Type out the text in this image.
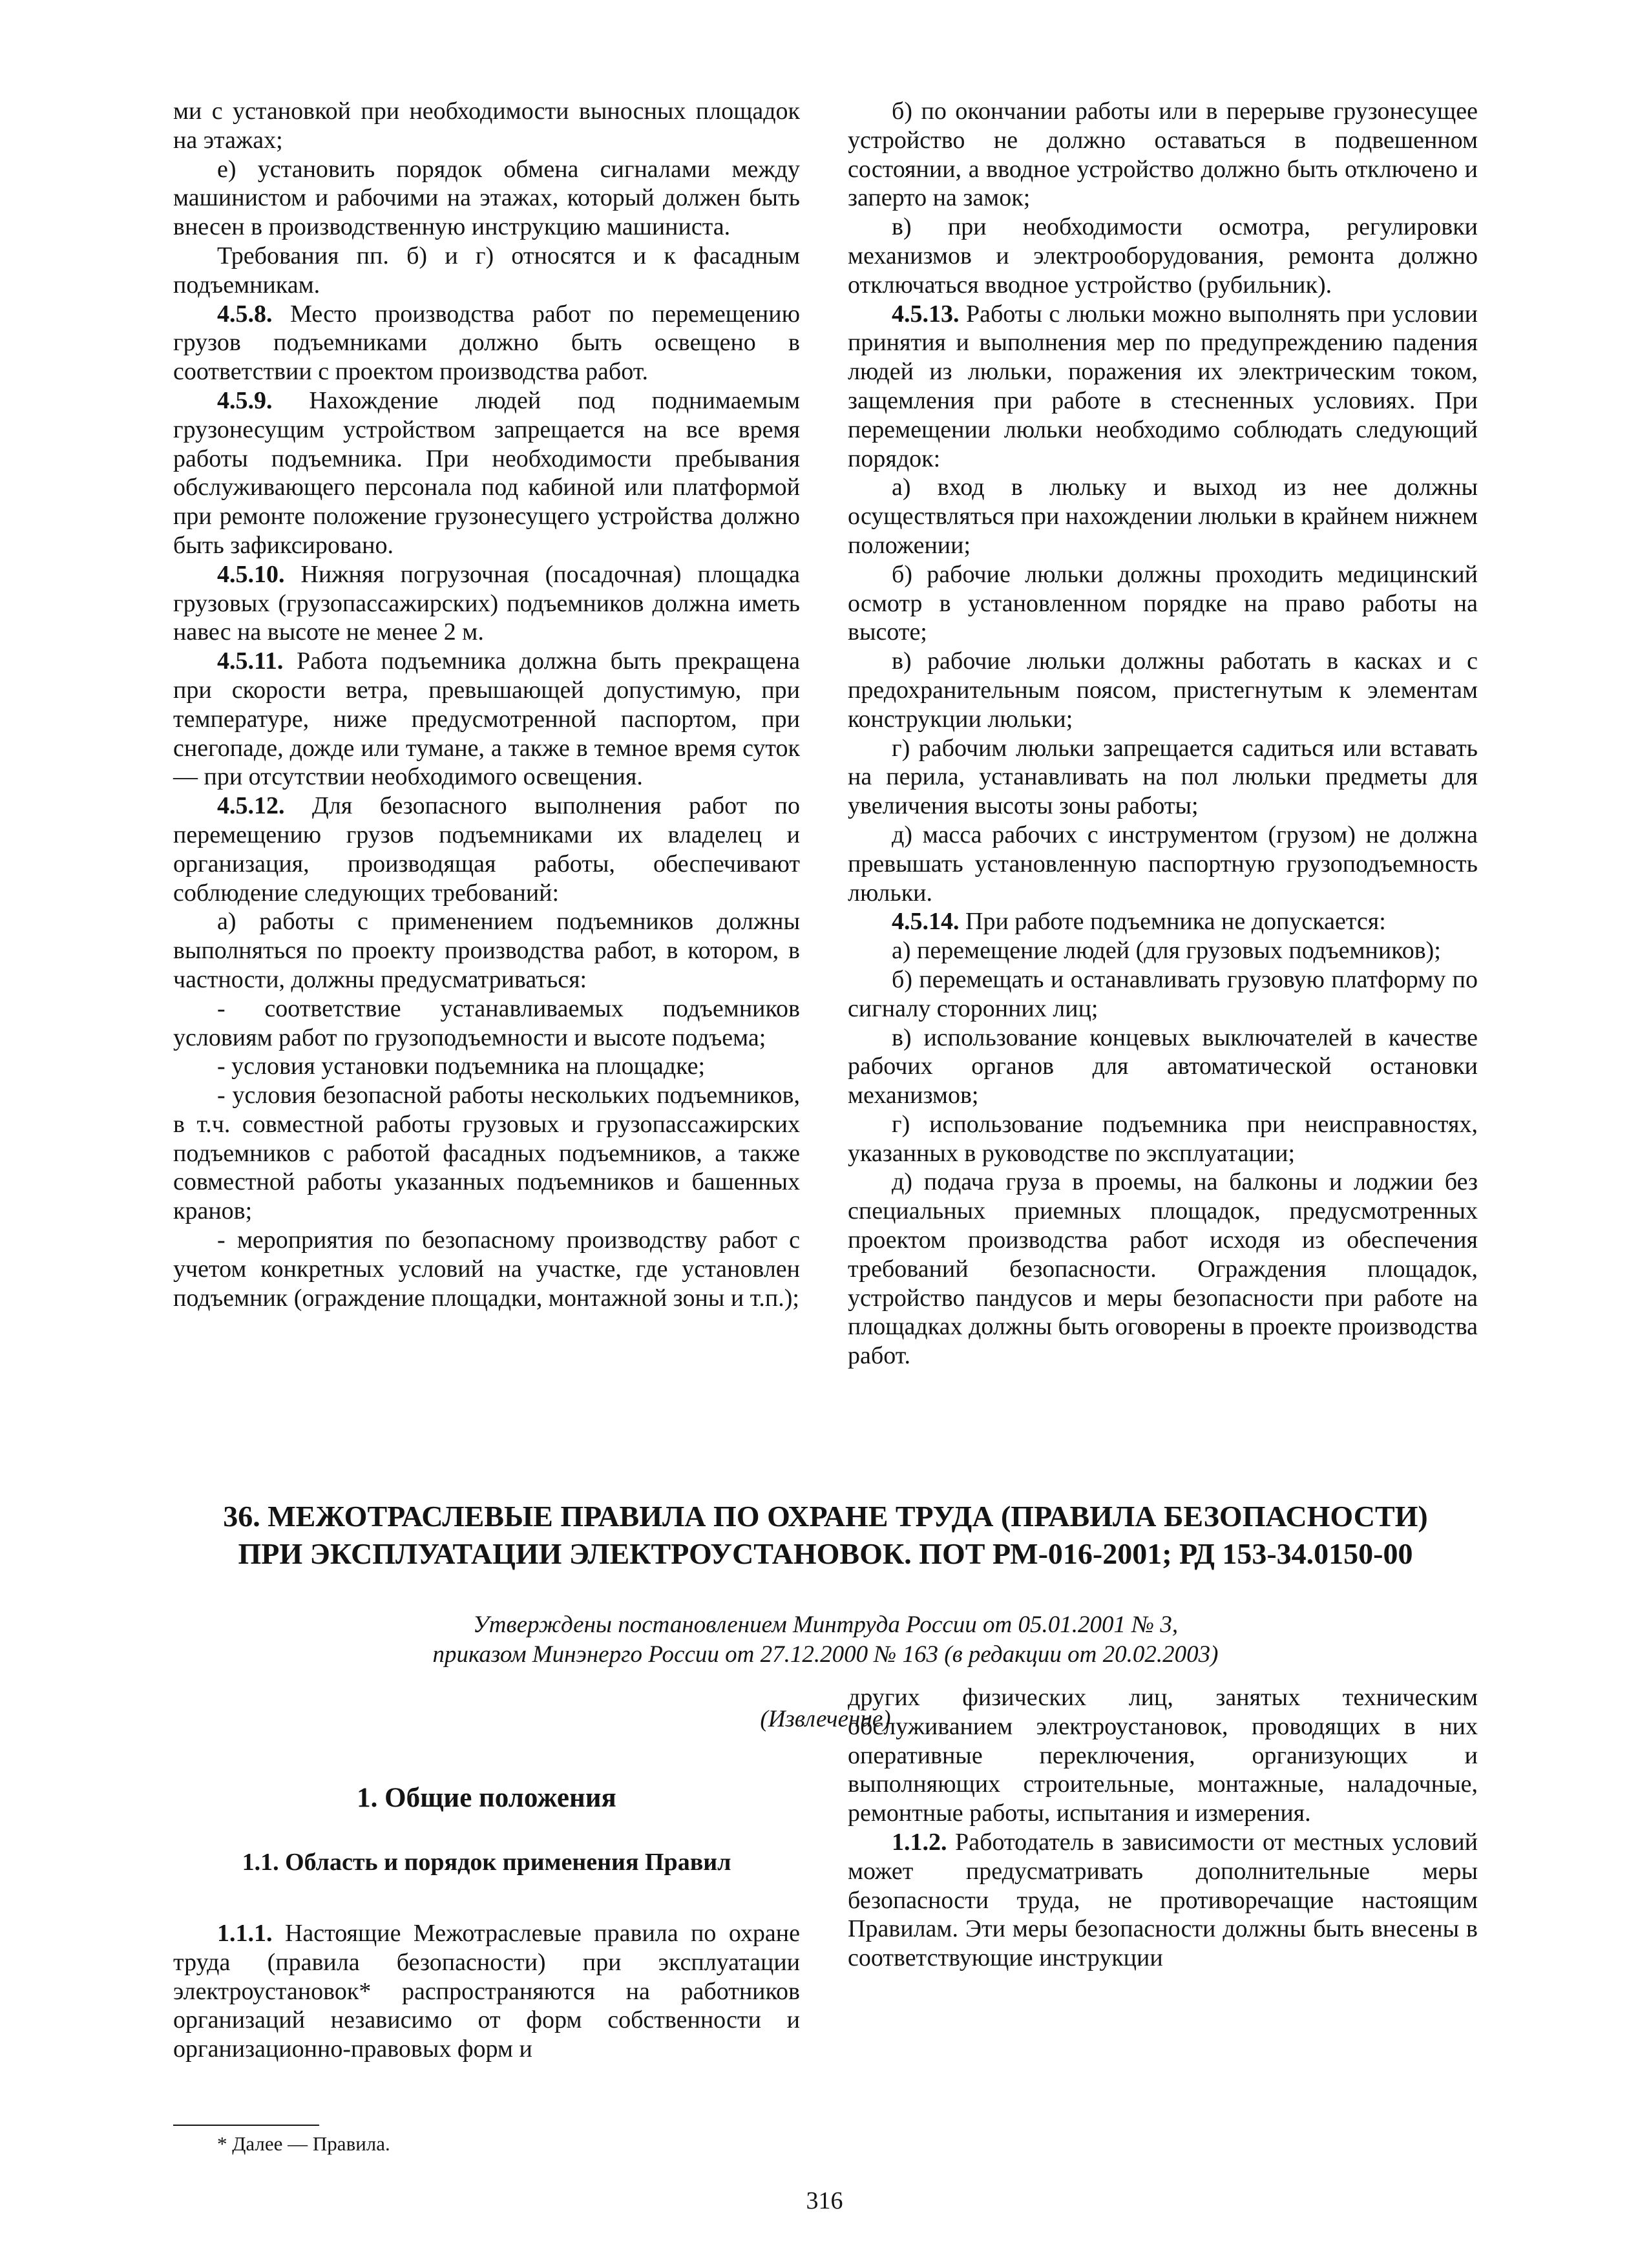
ми с установкой при необходимости выносных площадок на этажах;

е) установить порядок обмена сигналами между машинистом и рабочими на этажах, который должен быть внесен в производственную инструкцию машиниста.

Требования пп. б) и г) относятся и к фасадным подъемникам.

4.5.8. Место производства работ по перемещению грузов подъемниками должно быть освещено в соответствии с проектом производства работ.

4.5.9. Нахождение людей под поднимаемым грузонесущим устройством запрещается на все время работы подъемника. При необходимости пребывания обслуживающего персонала под кабиной или платформой при ремонте положение грузонесущего устройства должно быть зафиксировано.

4.5.10. Нижняя погрузочная (посадочная) площадка грузовых (грузопассажирских) подъемников должна иметь навес на высоте не менее 2 м.

4.5.11. Работа подъемника должна быть прекращена при скорости ветра, превышающей допустимую, при температуре, ниже предусмотренной паспортом, при снегопаде, дожде или тумане, а также в темное время суток — при отсутствии необходимого освещения.

4.5.12. Для безопасного выполнения работ по перемещению грузов подъемниками их владелец и организация, производящая работы, обеспечивают соблюдение следующих требований:

а) работы с применением подъемников должны выполняться по проекту производства работ, в котором, в частности, должны предусматриваться:

- соответствие устанавливаемых подъемников условиям работ по грузоподъемности и высоте подъема;

- условия установки подъемника на площадке;

- условия безопасной работы нескольких подъемников, в т.ч. совместной работы грузовых и грузопассажирских подъемников с работой фасадных подъемников, а также совместной работы указанных подъемников и башенных кранов;

- мероприятия по безопасному производству работ с учетом конкретных условий на участке, где установлен подъемник (ограждение площадки, монтажной зоны и т.п.);

б) по окончании работы или в перерыве грузонесущее устройство не должно оставаться в подвешенном состоянии, а вводное устройство должно быть отключено и заперто на замок;

в) при необходимости осмотра, регулировки механизмов и электрооборудования, ремонта должно отключаться вводное устройство (рубильник).

4.5.13. Работы с люльки можно выполнять при условии принятия и выполнения мер по предупреждению падения людей из люльки, поражения их электрическим током, защемления при работе в стесненных условиях. При перемещении люльки необходимо соблюдать следующий порядок:

а) вход в люльку и выход из нее должны осуществляться при нахождении люльки в крайнем нижнем положении;

б) рабочие люльки должны проходить медицинский осмотр в установленном порядке на право работы на высоте;

в) рабочие люльки должны работать в касках и с предохранительным поясом, пристегнутым к элементам конструкции люльки;

г) рабочим люльки запрещается садиться или вставать на перила, устанавливать на пол люльки предметы для увеличения высоты зоны работы;

д) масса рабочих с инструментом (грузом) не должна превышать установленную паспортную грузоподъемность люльки.

4.5.14. При работе подъемника не допускается:

а) перемещение людей (для грузовых подъемников);

б) перемещать и останавливать грузовую платформу по сигналу сторонних лиц;

в) использование концевых выключателей в качестве рабочих органов для автоматической остановки механизмов;

г) использование подъемника при неисправностях, указанных в руководстве по эксплуатации;

д) подача груза в проемы, на балконы и лоджии без специальных приемных площадок, предусмотренных проектом производства работ исходя из обеспечения требований безопасности. Ограждения площадок, устройство пандусов и меры безопасности при работе на площадках должны быть оговорены в проекте производства работ.

36. МЕЖОТРАСЛЕВЫЕ ПРАВИЛА ПО ОХРАНЕ ТРУДА (ПРАВИЛА БЕЗОПАСНОСТИ)

ПРИ ЭКСПЛУАТАЦИИ ЭЛЕКТРОУСТАНОВОК. ПОТ РМ-016-2001; РД 153-34.0150-00

Утверждены постановлением Минтруда России от 05.01.2001 № 3,

приказом Минэнерго России от 27.12.2000 № 163 (в редакции от 20.02.2003)

(Извлечение)

1. Общие положения
1.1. Область и порядок применения Правил

1.1.1. Настоящие Межотраслевые правила по охране труда (правила безопасности) при эксплуатации электроустановок* распространяются на работников организаций независимо от форм собственности и организационно-правовых форм и

других физических лиц, занятых техническим обслуживанием электроустановок, проводящих в них оперативные переключения, организующих и выполняющих строительные, монтажные, наладочные, ремонтные работы, испытания и измерения.

1.1.2. Работодатель в зависимости от местных условий может предусматривать дополнительные меры безопасности труда, не противоречащие настоящим Правилам. Эти меры безопасности должны быть внесены в соответствующие инструкции

* Далее — Правила.
316
